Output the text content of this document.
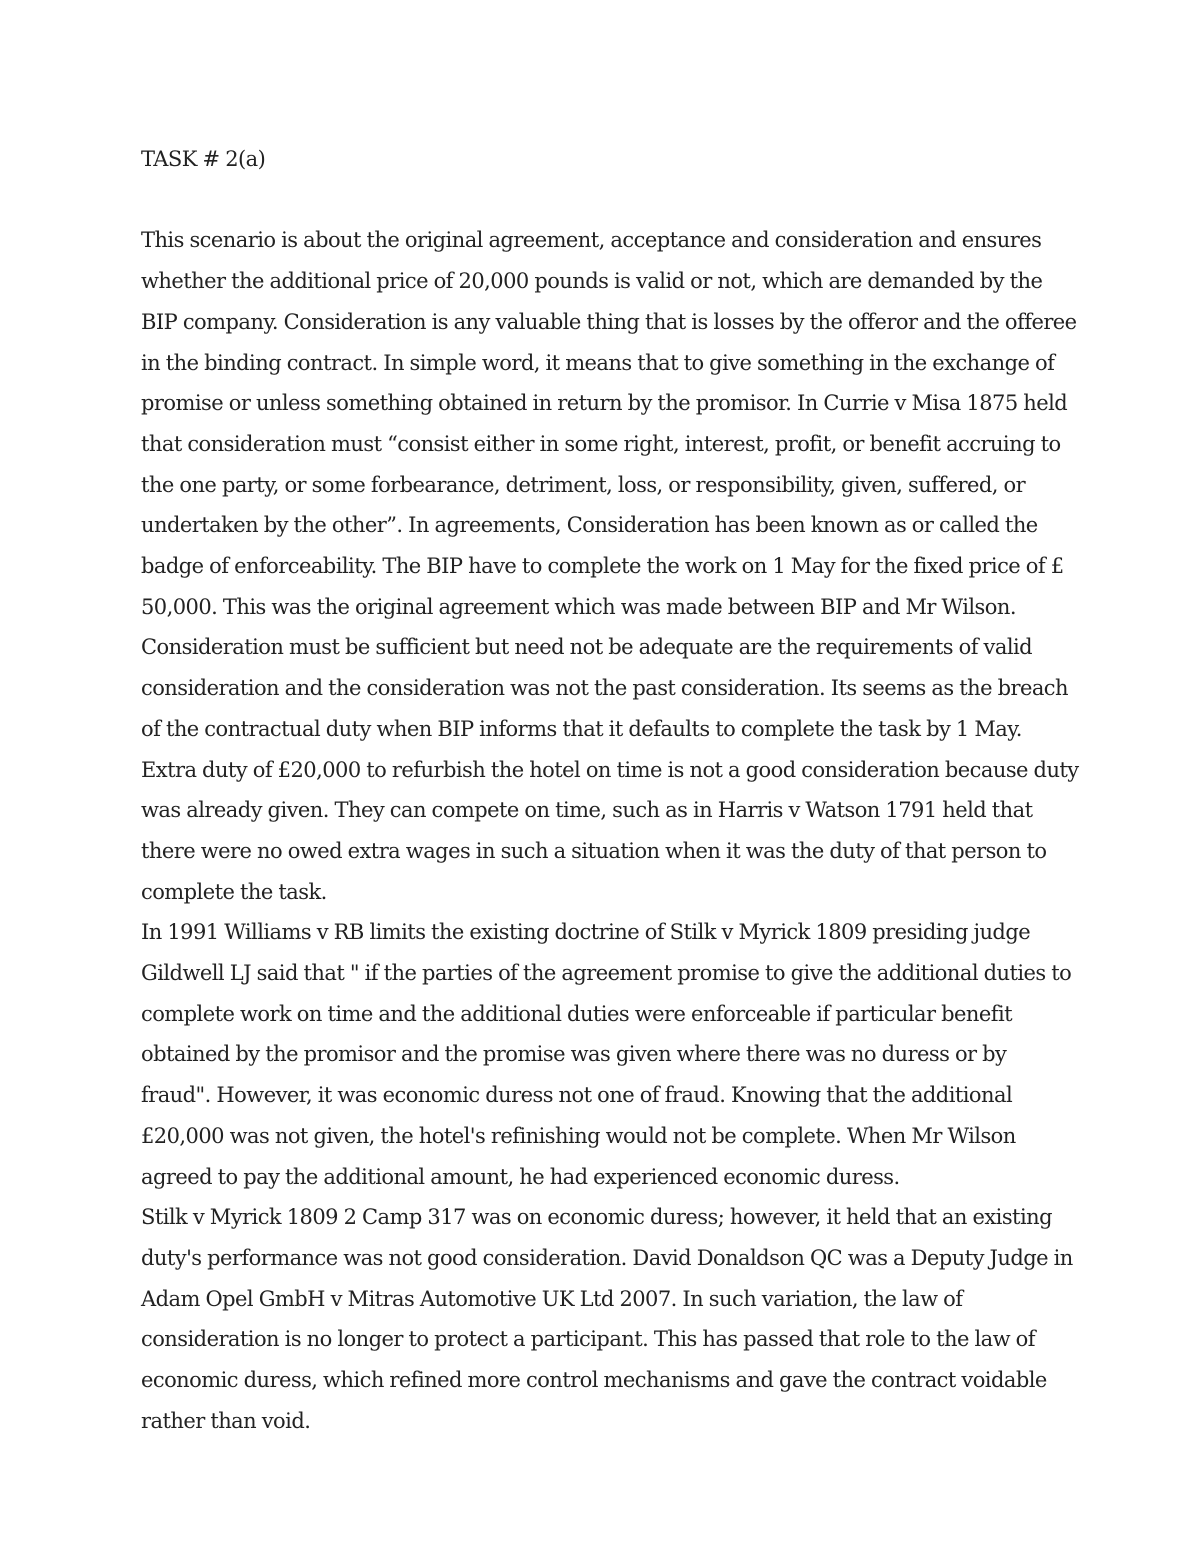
TASK # 2(a)

This scenario is about the original agreement, acceptance and consideration and ensures whether the additional price of 20,000 pounds is valid or not, which are demanded by the BIP company. Consideration is any valuable thing that is losses by the offeror and the offeree in the binding contract. In simple word, it means that to give something in the exchange of promise or unless something obtained in return by the promisor. In Currie v Misa 1875 held that consideration must “consist either in some right, interest, profit, or benefit accruing to the one party, or some forbearance, detriment, loss, or responsibility, given, suffered, or undertaken by the other”. In agreements, Consideration has been known as or called the badge of enforceability. The BIP have to complete the work on 1 May for the fixed price of £ 50,000. This was the original agreement which was made between BIP and Mr Wilson.

Consideration must be sufficient but need not be adequate are the requirements of valid consideration and the consideration was not the past consideration. Its seems as the breach of the contractual duty when BIP informs that it defaults to complete the task by 1 May. Extra duty of £20,000 to refurbish the hotel on time is not a good consideration because duty was already given. They can compete on time, such as in Harris v Watson 1791 held that there were no owed extra wages in such a situation when it was the duty of that person to complete the task.

In 1991 Williams v RB limits the existing doctrine of Stilk v Myrick 1809 presiding judge Gildwell LJ said that " if the parties of the agreement promise to give the additional duties to complete work on time and the additional duties were enforceable if particular benefit obtained by the promisor and the promise was given where there was no duress or by fraud". However, it was economic duress not one of fraud. Knowing that the additional £20,000 was not given, the hotel's refinishing would not be complete. When Mr Wilson agreed to pay the additional amount, he had experienced economic duress.

Stilk v Myrick 1809 2 Camp 317 was on economic duress; however, it held that an existing duty's performance was not good consideration. David Donaldson QC was a Deputy Judge in Adam Opel GmbH v Mitras Automotive UK Ltd 2007. In such variation, the law of consideration is no longer to protect a participant. This has passed that role to the law of economic duress, which refined more control mechanisms and gave the contract voidable rather than void.
